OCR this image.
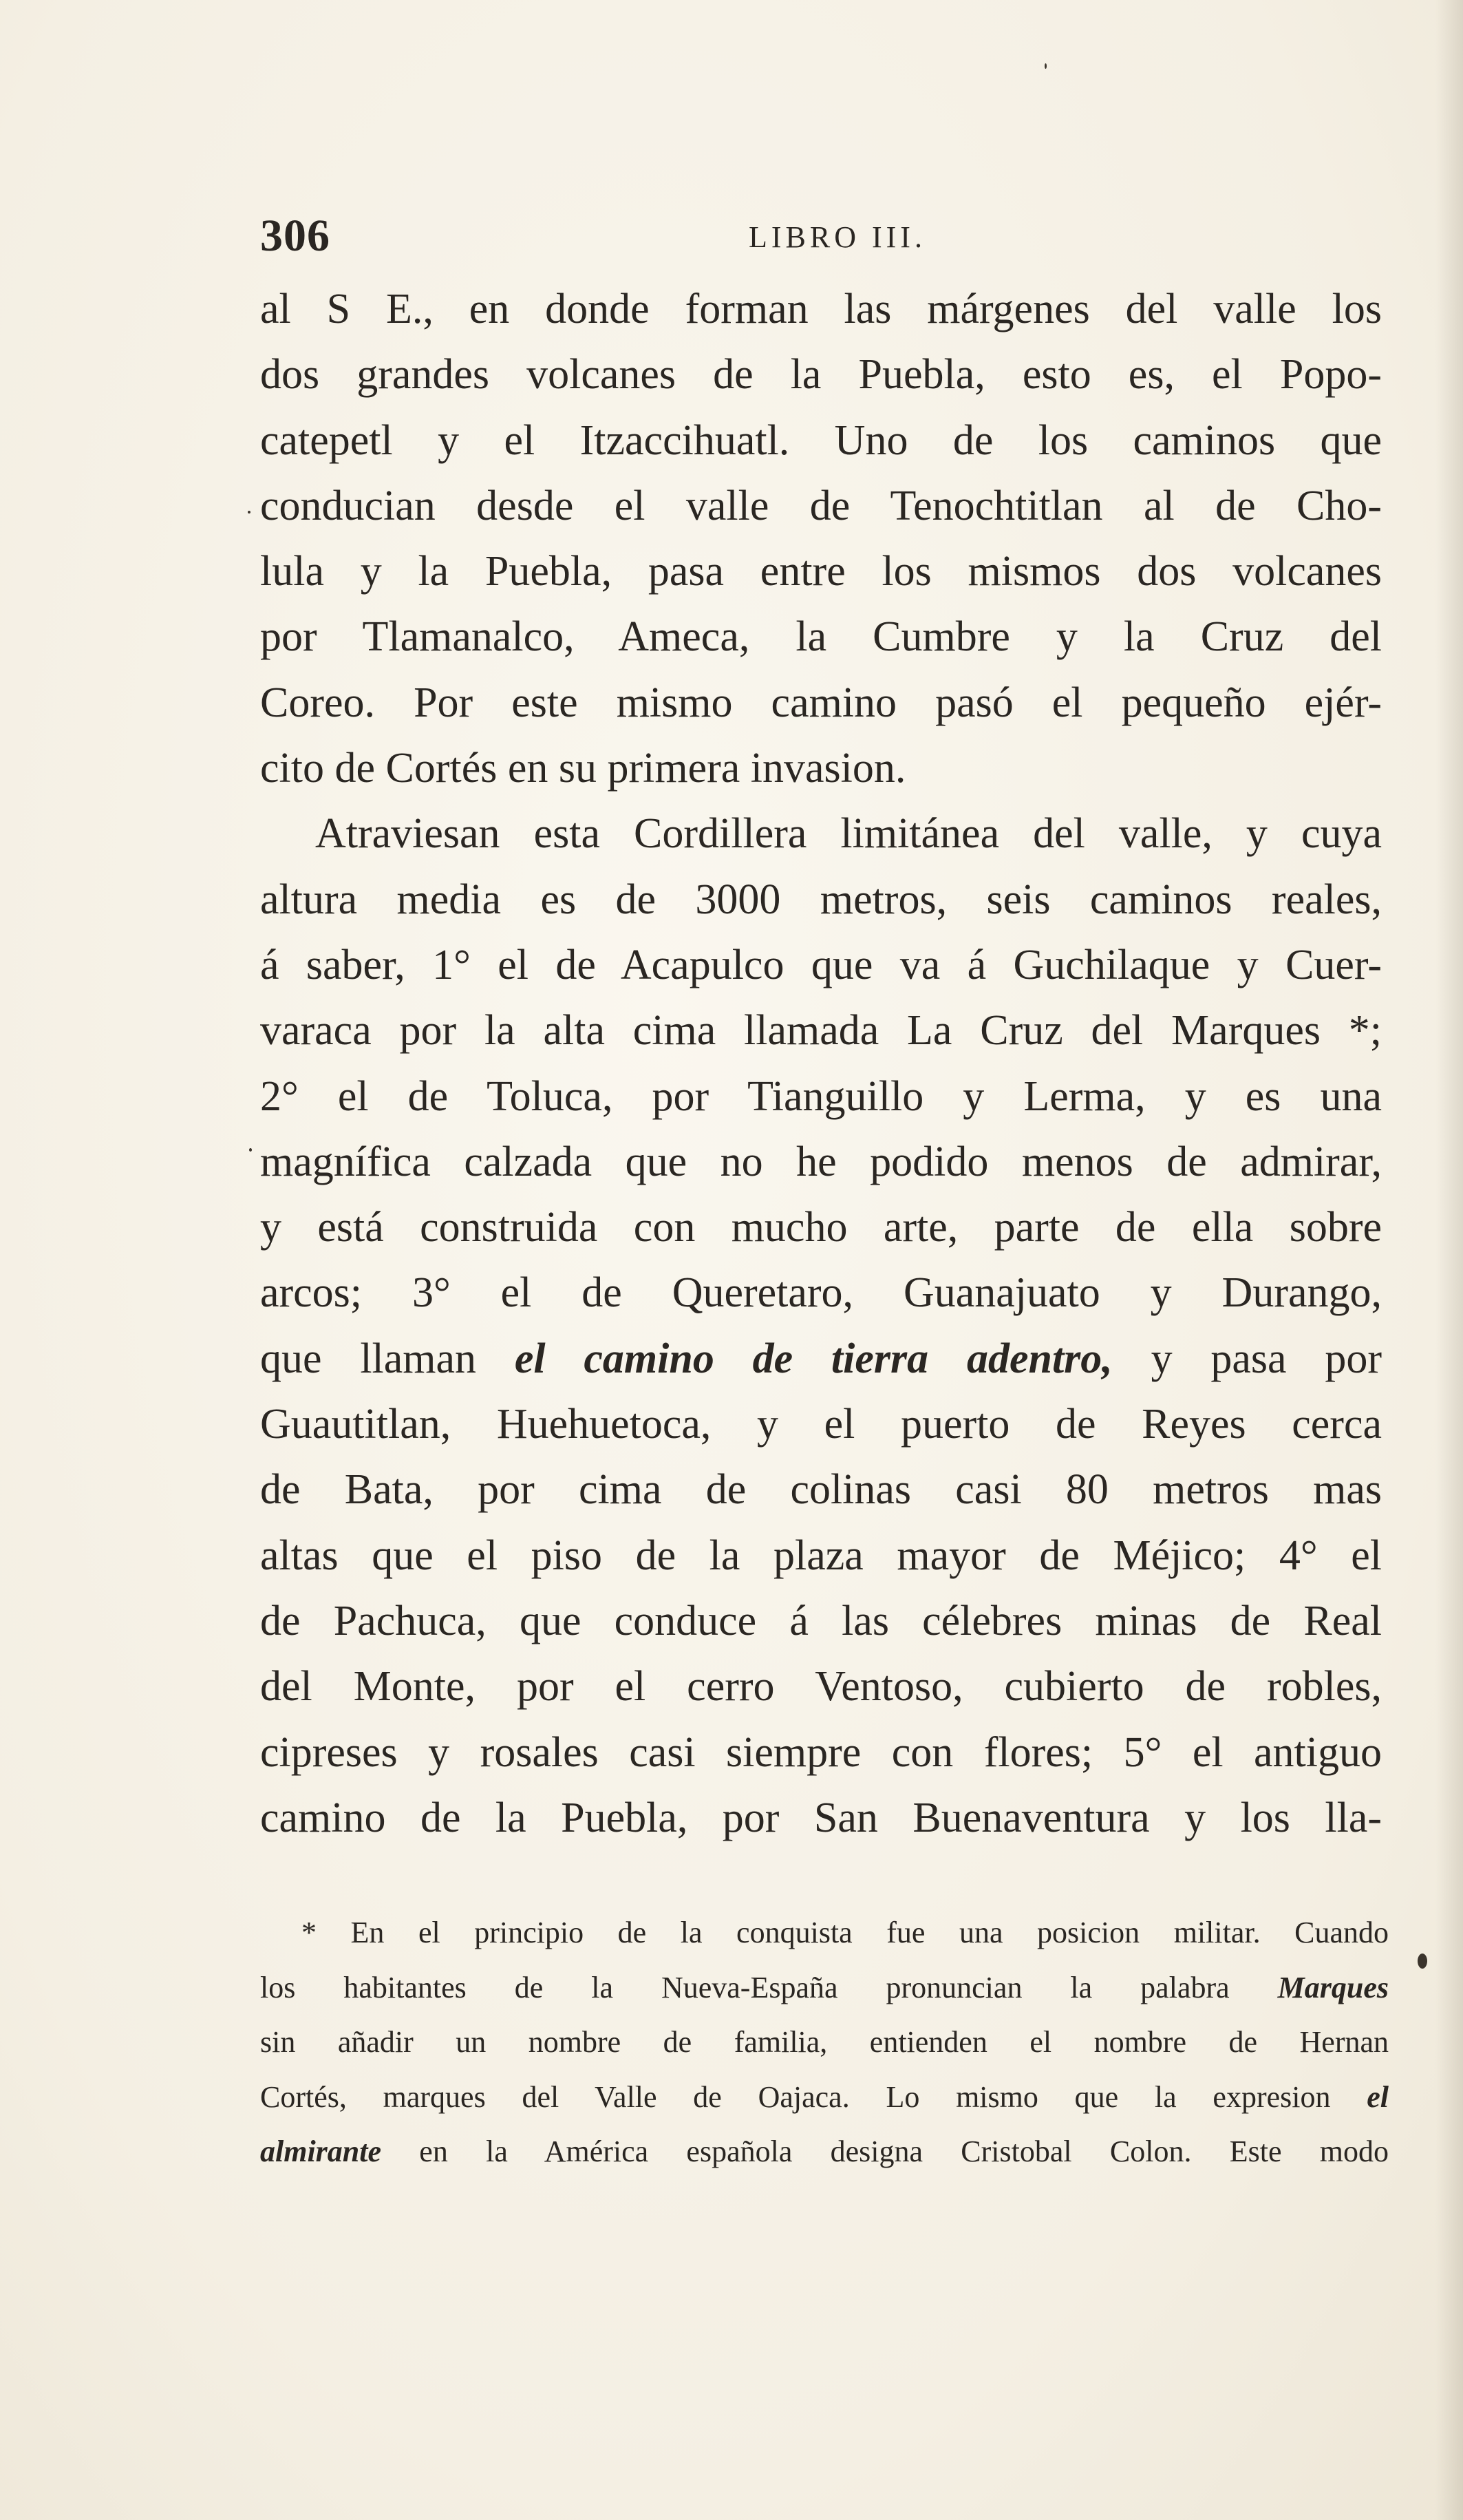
306	LIBRO III.
al S E., en donde forman las márgenes del valle los
dos grandes volcanes de la Puebla, esto es, el Popo-
catepetl y el Itzaccihuatl. Uno de los caminos que
conducian desde el valle de Tenochtitlan al de Cho-
lula y la Puebla, pasa entre los mismos dos volcanes
por Tlamanalco, Ameca, la Cumbre y la Cruz del
Coreo. Por este mismo camino pasó el pequeño ejér-
cito de Cortés en su primera invasion.
Atraviesan esta Cordillera limitánea del valle, y cuya
altura media es de 3000 metros, seis caminos reales,
á saber, 1° el de Acapulco que va á Guchilaque y Cuer-
varaca por la alta cima llamada La Cruz del Marques *;
2° el de Toluca, por Tianguillo y Lerma, y es una
magnífica calzada que no he podido menos de admirar,
y está construida con mucho arte, parte de ella sobre
arcos; 3° el de Queretaro, Guanajuato y Durango,
que llaman el camino de tierra adentro, y pasa por
Guautitlan, Huehuetoca, y el puerto de Reyes cerca
de Bata, por cima de colinas casi 80 metros mas
altas que el piso de la plaza mayor de Méjico; 4° el
de Pachuca, que conduce á las célebres minas de Real
del Monte, por el cerro Ventoso, cubierto de robles,
cipreses y rosales casi siempre con flores; 5° el antiguo
camino de la Puebla, por San Buenaventura y los lla-
* En el principio de la conquista fue una posicion militar. Cuando
los habitantes de la Nueva-España pronuncian la palabra Marques
sin añadir un nombre de familia, entienden el nombre de Hernan
Cortés, marques del Valle de Oajaca. Lo mismo que la expresion el
almirante en la América española designa Cristobal Colon. Este modo
